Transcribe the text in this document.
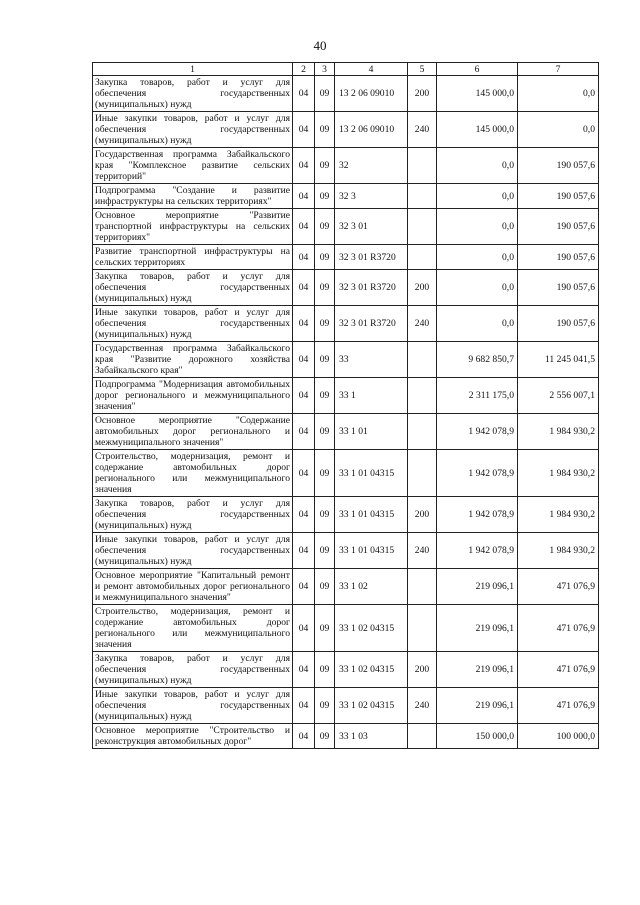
40
1	2	3	4	5	6	7
Закупка товаров, работ и услуг для обеспечения государственных (муниципальных) нужд	04	09	13 2 06 09010	200	145 000,0	0,0
Иные закупки товаров, работ и услуг для обеспечения государственных (муниципальных) нужд	04	09	13 2 06 09010	240	145 000,0	0,0
Государственная программа Забайкальского края "Комплексное развитие сельских территорий"	04	09	32		0,0	190 057,6
Подпрограмма "Создание и развитие инфраструктуры на сельских территориях"	04	09	32 3		0,0	190 057,6
Основное мероприятие "Развитие транспортной инфраструктуры на сельских территориях"	04	09	32 3 01		0,0	190 057,6
Развитие транспортной инфраструктуры на сельских территориях	04	09	32 3 01 R3720		0,0	190 057,6
Закупка товаров, работ и услуг для обеспечения государственных (муниципальных) нужд	04	09	32 3 01 R3720	200	0,0	190 057,6
Иные закупки товаров, работ и услуг для обеспечения государственных (муниципальных) нужд	04	09	32 3 01 R3720	240	0,0	190 057,6
Государственная программа Забайкальского края "Развитие дорожного хозяйства Забайкальского края"	04	09	33		9 682 850,7	11 245 041,5
Подпрограмма "Модернизация автомобильных дорог регионального и межмуниципального значения"	04	09	33 1		2 311 175,0	2 556 007,1
Основное мероприятие "Содержание автомобильных дорог регионального и межмуниципального значения"	04	09	33 1 01		1 942 078,9	1 984 930,2
Строительство, модернизация, ремонт и содержание автомобильных дорог регионального или межмуниципального значения	04	09	33 1 01 04315		1 942 078,9	1 984 930,2
Закупка товаров, работ и услуг для обеспечения государственных (муниципальных) нужд	04	09	33 1 01 04315	200	1 942 078,9	1 984 930,2
Иные закупки товаров, работ и услуг для обеспечения государственных (муниципальных) нужд	04	09	33 1 01 04315	240	1 942 078,9	1 984 930,2
Основное мероприятие "Капитальный ремонт и ремонт автомобильных дорог регионального и межмуниципального значения"	04	09	33 1 02		219 096,1	471 076,9
Строительство, модернизация, ремонт и содержание автомобильных дорог регионального или межмуниципального значения	04	09	33 1 02 04315		219 096,1	471 076,9
Закупка товаров, работ и услуг для обеспечения государственных (муниципальных) нужд	04	09	33 1 02 04315	200	219 096,1	471 076,9
Иные закупки товаров, работ и услуг для обеспечения государственных (муниципальных) нужд	04	09	33 1 02 04315	240	219 096,1	471 076,9
Основное мероприятие "Строительство и реконструкция автомобильных дорог"	04	09	33 1 03		150 000,0	100 000,0
